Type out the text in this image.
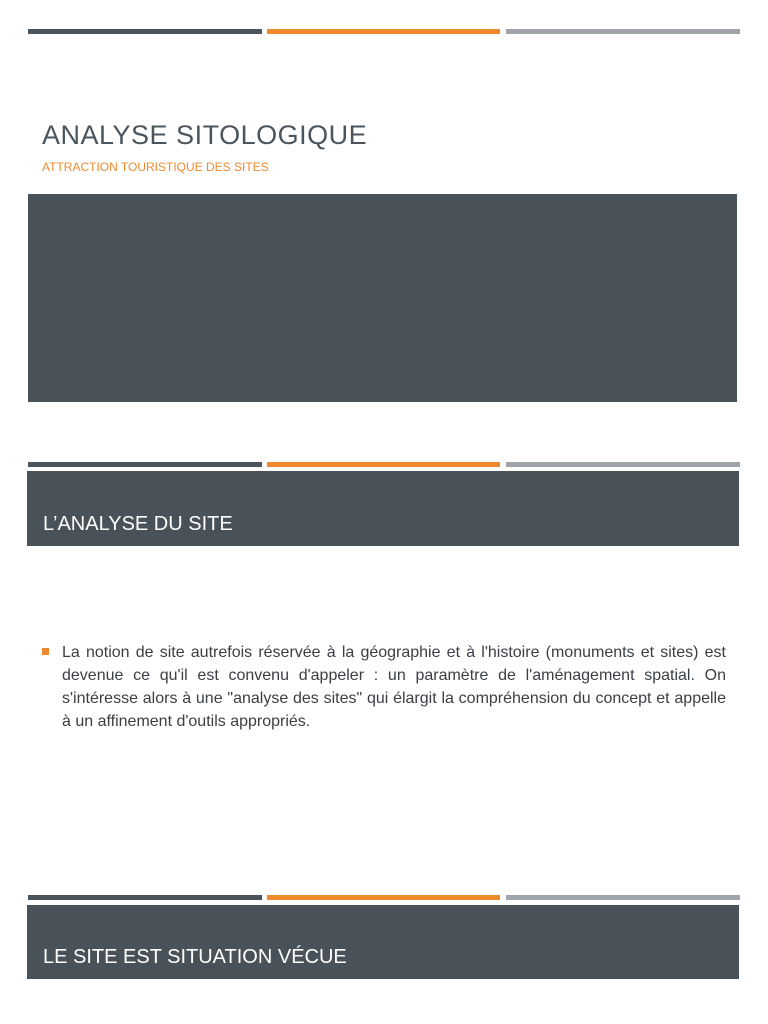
ANALYSE SITOLOGIQUE

ATTRACTION TOURISTIQUE DES SITES

L’ANALYSE DU SITE

La notion de site autrefois réservée à la géographie et à l'histoire (monuments et sites) est devenue ce qu'il est convenu d'appeler : un paramètre de l'aménagement spatial. On s'intéresse alors à une "analyse des sites" qui élargit la compréhension du concept et appelle à un affinement d'outils appropriés.

LE SITE EST SITUATION VÉCUE
